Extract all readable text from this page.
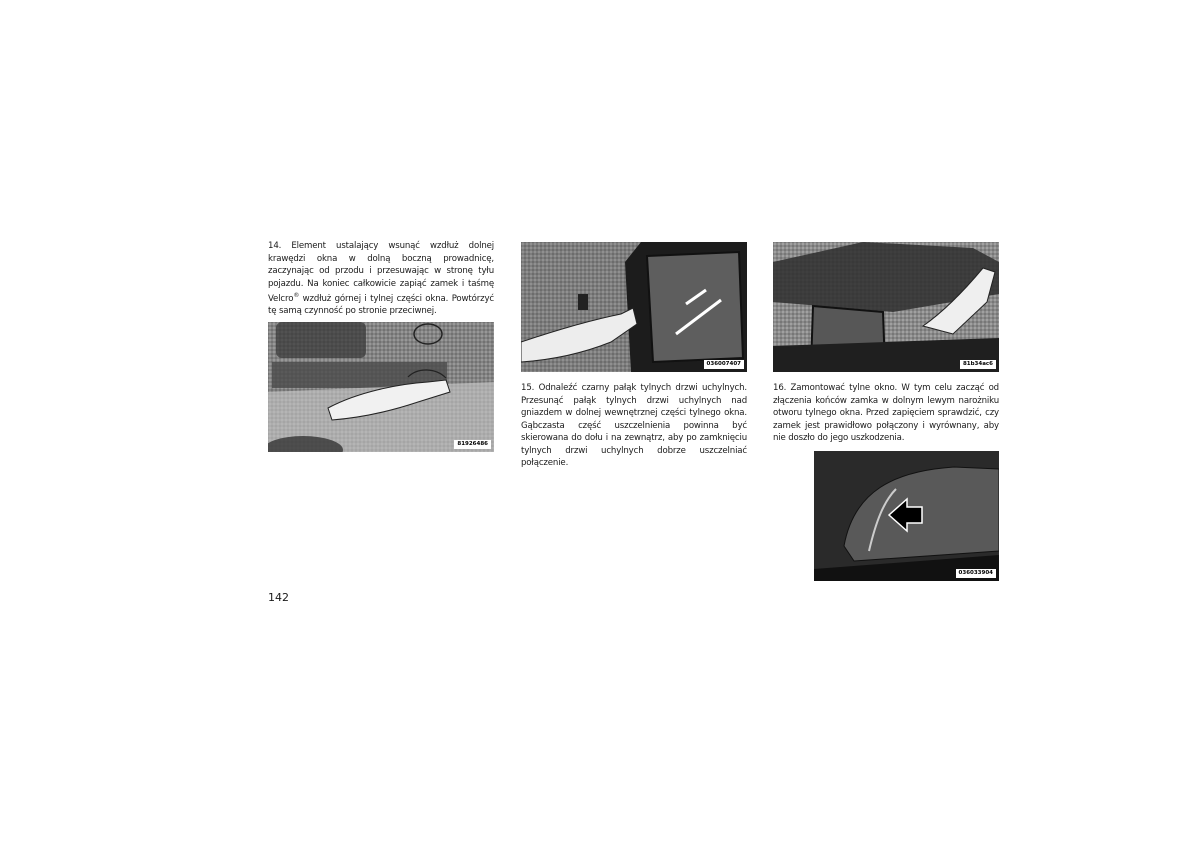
14. Element ustalający wsunąć wzdłuż dolnej krawędzi okna w dolną boczną prowadnicę, zaczynając od przodu i przesuwając w stronę tyłu pojazdu. Na koniec całkowicie zapiąć zamek i taśmę Velcro® wzdłuż górnej i tylnej części okna. Powtórzyć tę samą czynność po stronie przeciwnej.
81926486
036007407	81b34ac6
15. Odnaleźć czarny pałąk tylnych drzwi uchylnych. Przesunąć pałąk tylnych drzwi uchylnych nad gniazdem w dolnej wewnętrznej części tylnego okna. Gąbczasta część uszczelnienia powinna być skierowana do dołu i na zewnątrz, aby po zamknięciu tylnych drzwi uchylnych dobrze uszczelniać połączenie.
16. Zamontować tylne okno. W tym celu zacząć od złączenia końców zamka w dolnym lewym narożniku otworu tylnego okna. Przed zapięciem sprawdzić, czy zamek jest prawidłowo połączony i wyrównany, aby nie doszło do jego uszkodzenia.
036033904
142
